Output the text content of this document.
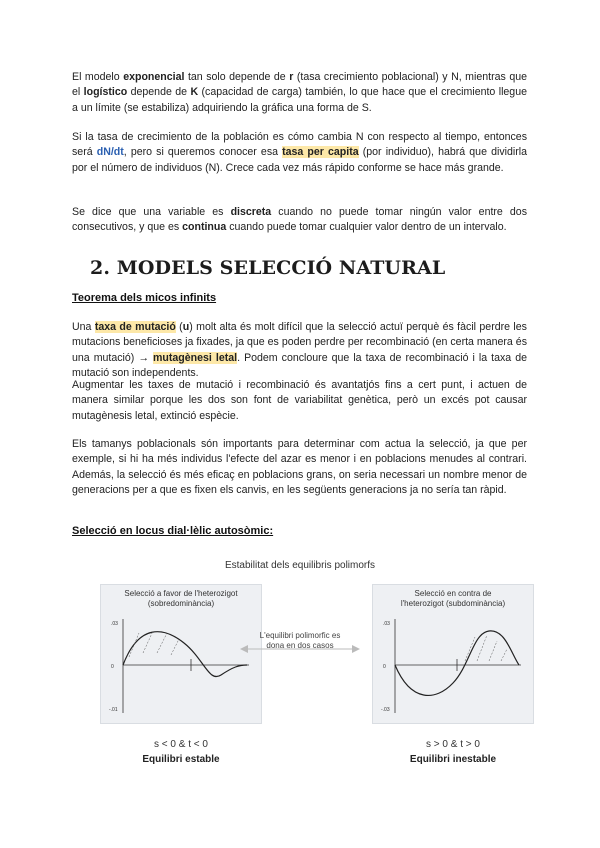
El modelo exponencial tan solo depende de r (tasa crecimiento poblacional) y N, mientras que el logístico depende de K (capacidad de carga) también, lo que hace que el crecimiento llegue a un límite (se estabiliza) adquiriendo la gráfica una forma de S.

Si la tasa de crecimiento de la población es cómo cambia N con respecto al tiempo, entonces será dN/dt, pero si queremos conocer esa tasa per capita (por individuo), habrá que dividirla por el número de individuos (N). Crece cada vez más rápido conforme se hace más grande.

Se dice que una variable es discreta cuando no puede tomar ningún valor entre dos consecutivos, y que es continua cuando puede tomar cualquier valor dentro de un intervalo.

2. MODELS SELECCIÓ NATURAL
Teorema dels micos infinits

Una taxa de mutació (u) molt alta és molt difícil que la selecció actuï perquè és fàcil perdre les mutacions beneficioses ja fixades, ja que es poden perdre per recombinació (en certa manera és una mutació) → mutagènesi letal. Podem concloure que la taxa de recombinació i la taxa de mutació son independents.

Augmentar les taxes de mutació i recombinació és avantatjós fins a cert punt, i actuen de manera similar porque les dos son font de variabilitat genètica, però un excés pot causar mutagènesis letal, extinció espècie.

Els tamanys poblacionals són importants para determinar com actua la selecció, ja que per exemple, si hi ha més individus l'efecte del azar es menor i en poblacions menudes al contrari. Además, la selecció és més eficaç en poblacions grans, on seria necessari un nombre menor de generacions per a que es fixen els canvis, en les següents generacions ja no sería tan ràpid.

Selecció en locus dial·lèlic autosòmic:
Estabilitat dels equilibris polimorfs
Selecció a favor de l'heterozigot
(sobredominància)
.03
0
-.01
L'equilibri polimorfic es dona en dos casos
Selecció en contra de
l'heterozigot (subdominància)
.03
0
-.03
s < 0 & t < 0
Equilibri estable
s > 0 & t > 0
Equilibri inestable
